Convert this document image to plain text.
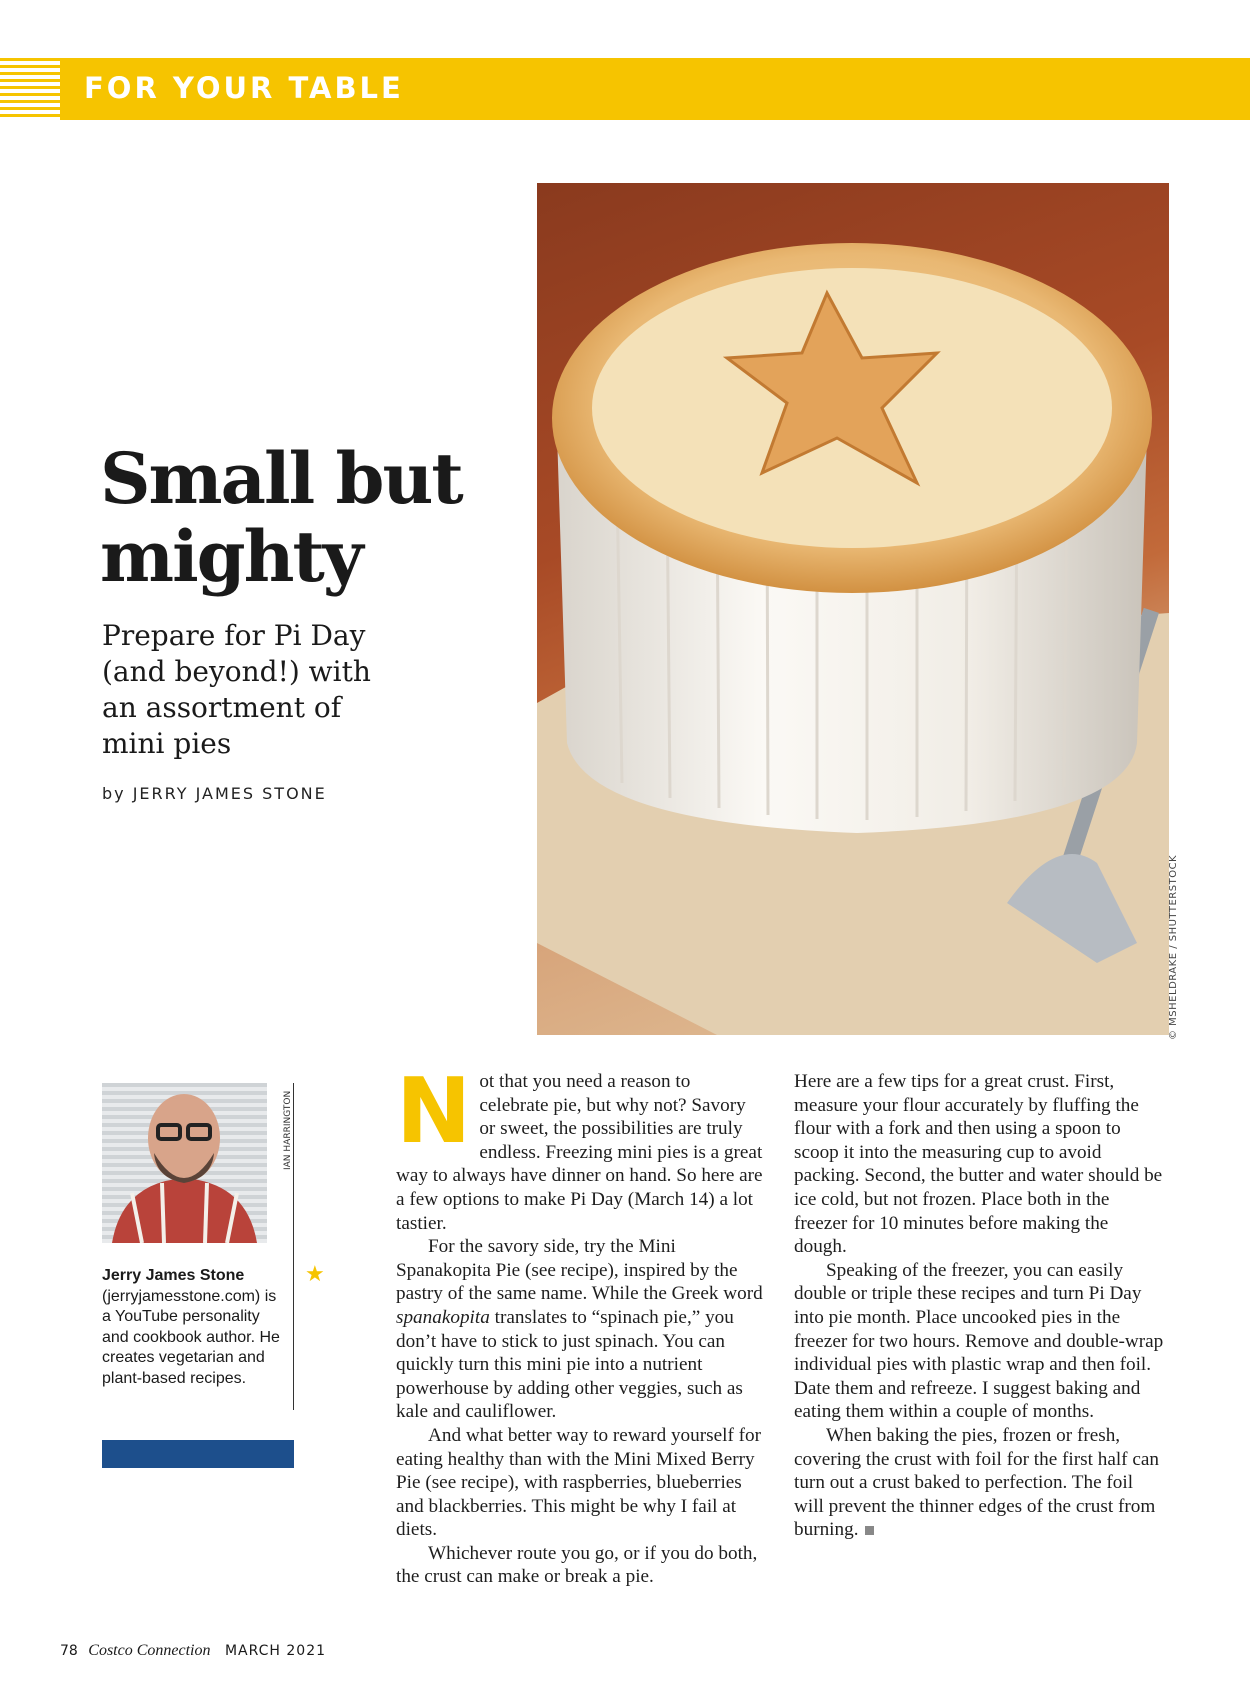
FOR YOUR TABLE
© MSHELDRAKE / SHUTTERSTOCK
Small but
mighty
Prepare for Pi Day (and beyond!) with an assortment of mini pies
by JERRY JAMES STONE
IAN HARRINGTON
Jerry James Stone
(jerryjamesstone.com) is a YouTube personality and cookbook author. He creates vegetarian and plant-based recipes.
★

Not that you need a reason to celebrate pie, but why not? Savory or sweet, the possibilities are truly endless. Freezing mini pies is a great way to always have dinner on hand. So here are a few options to make Pi Day (March 14) a lot tastier.

For the savory side, try the Mini Spanakopita Pie (see recipe), inspired by the pastry of the same name. While the Greek word spanakopita translates to “spinach pie,” you don’t have to stick to just spinach. You can quickly turn this mini pie into a nutrient powerhouse by adding other veggies, such as kale and cauliflower.

And what better way to reward yourself for eating healthy than with the Mini Mixed Berry Pie (see recipe), with raspberries, blueberries and blackberries. This might be why I fail at diets.

Whichever route you go, or if you do both, the crust can make or break a pie.

Here are a few tips for a great crust. First, measure your flour accurately by fluffing the flour with a fork and then using a spoon to scoop it into the measuring cup to avoid packing. Second, the butter and water should be ice cold, but not frozen. Place both in the freezer for 10 minutes before making the dough.

Speaking of the freezer, you can easily double or triple these recipes and turn Pi Day into pie month. Place uncooked pies in the freezer for two hours. Remove and double-wrap individual pies with plastic wrap and then foil. Date them and refreeze. I suggest baking and eating them within a couple of months.

When baking the pies, frozen or fresh, covering the crust with foil for the first half can turn out a crust baked to perfection. The foil will prevent the thinner edges of the crust from burning.

78 Costco Connection MARCH 2021
